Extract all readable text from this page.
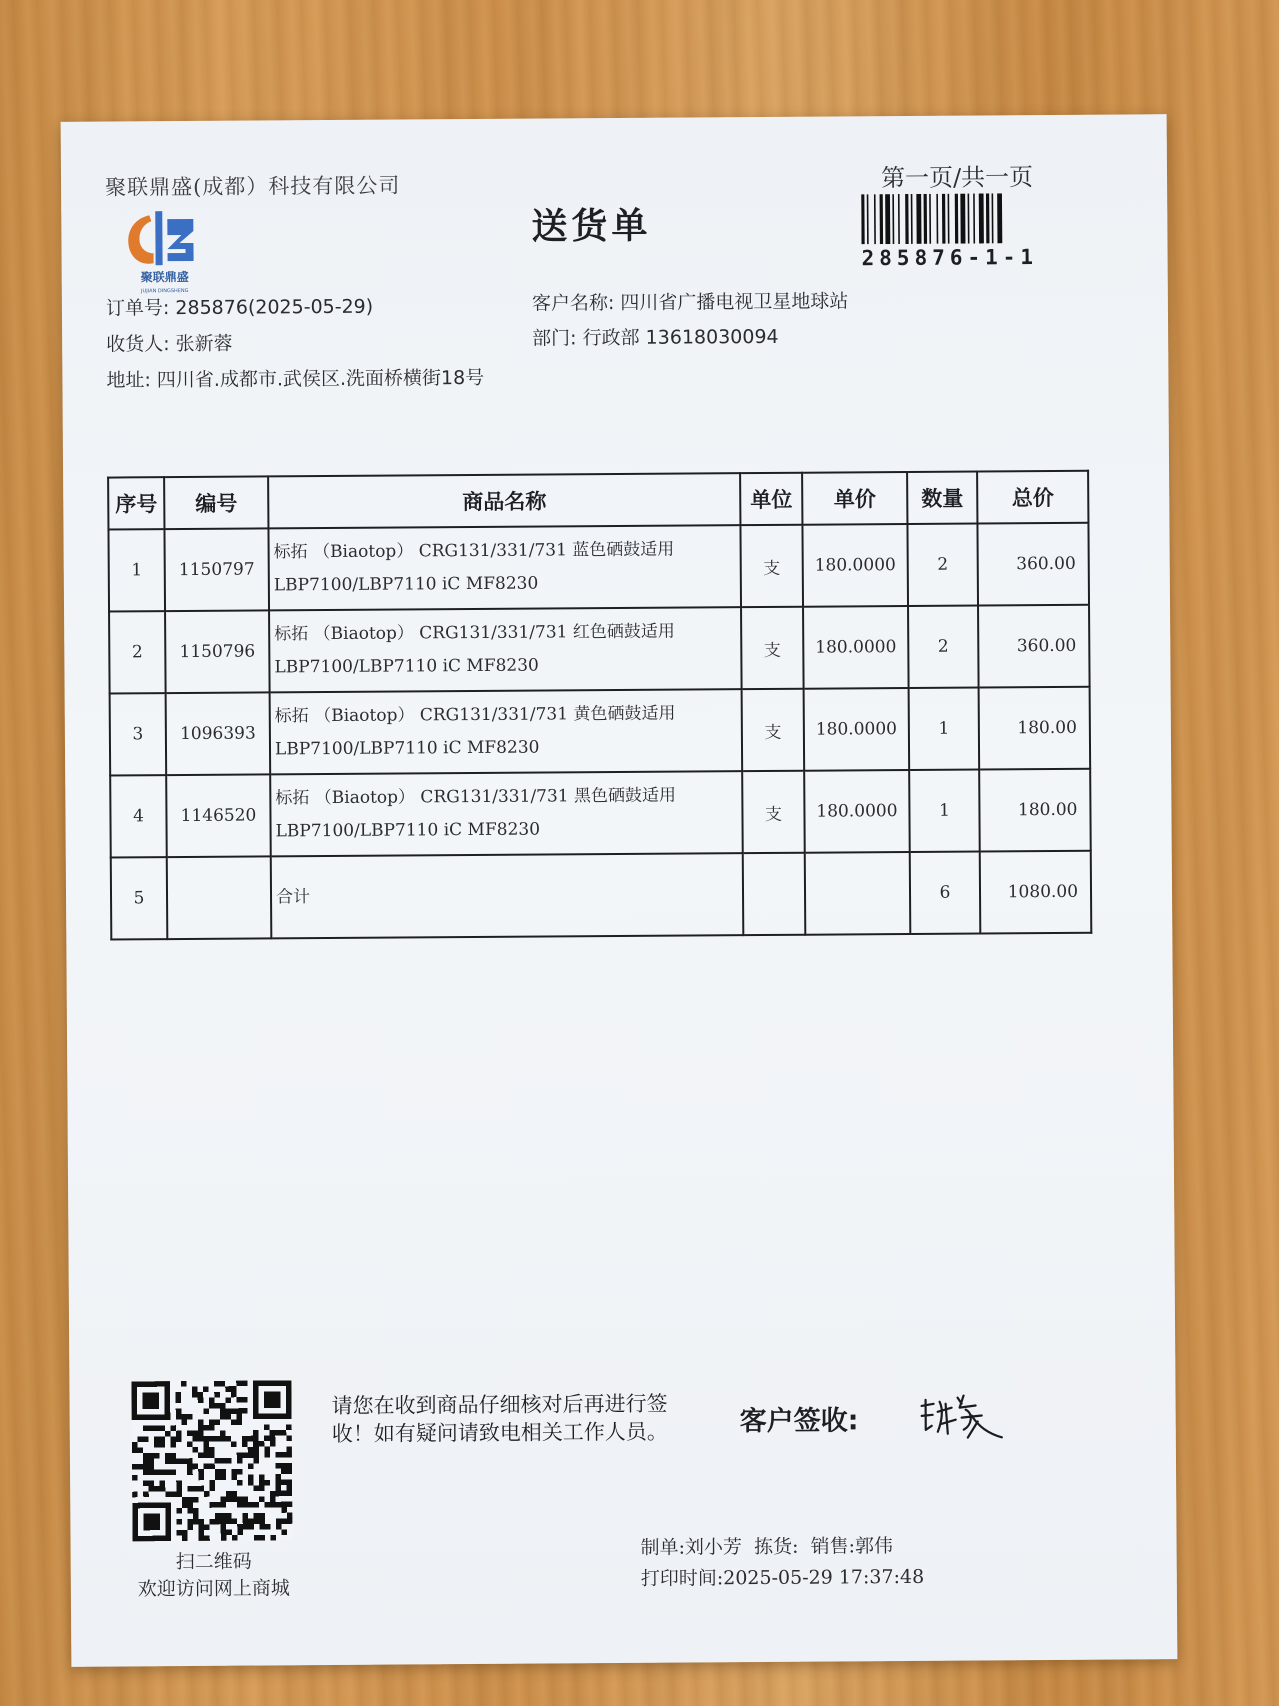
聚联鼎盛(成都）科技有限公司
聚联鼎盛
JUJIAN DINGSHENG
送货单
第一页/共一页
285876-1-1
订单号: 285876(2025-05-29)
收货人: 张新蓉
地址: 四川省.成都市.武侯区.洗面桥横街18号
客户名称: 四川省广播电视卫星地球站
部门: 行政部 13618030094
序号	编号	商品名称	单位	单价	数量	总价
1	1150797	标拓 （Biaotop） CRG131/331/731 蓝色硒鼓适用
LBP7100/LBP7110 iC MF8230	支	180.0000	2	360.00
2	1150796	标拓 （Biaotop） CRG131/331/731 红色硒鼓适用
LBP7100/LBP7110 iC MF8230	支	180.0000	2	360.00
3	1096393	标拓 （Biaotop） CRG131/331/731 黄色硒鼓适用
LBP7100/LBP7110 iC MF8230	支	180.0000	1	180.00
4	1146520	标拓 （Biaotop） CRG131/331/731 黑色硒鼓适用
LBP7100/LBP7110 iC MF8230	支	180.0000	1	180.00
5		合计			6	1080.00
扫二维码
欢迎访问网上商城
请您在收到商品仔细核对后再进行签
收！如有疑问请致电相关工作人员。	客户签收:
制单:刘小芳  拣货:  销售:郭伟
打印时间:2025-05-29 17:37:48
